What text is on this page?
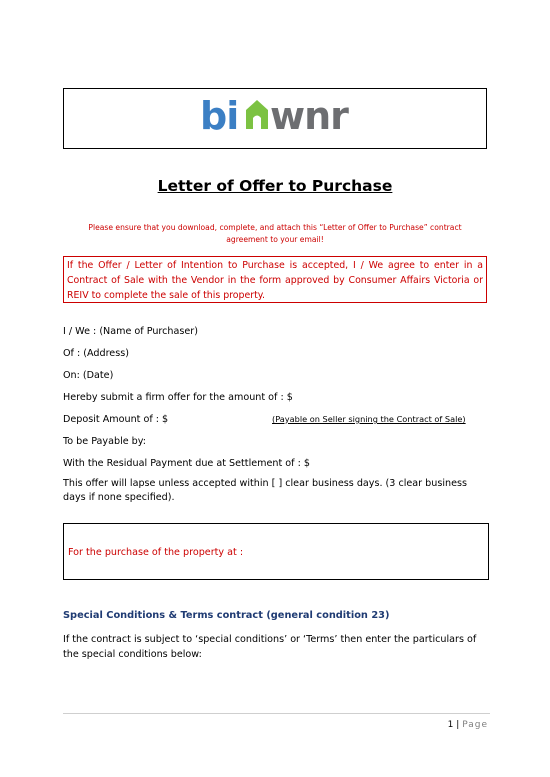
bi wnr
Letter of Offer to Purchase
Please ensure that you download, complete, and attach this “Letter of Offer to Purchase” contract agreement to your email!
If the Offer / Letter of Intention to Purchase is accepted, I / We agree to enter in a Contract of Sale with the Vendor in the form approved by Consumer Affairs Victoria or REIV to complete the sale of this property.
I / We : (Name of Purchaser)
Of : (Address)
On: (Date)
Hereby submit a firm offer for the amount of : $
Deposit Amount of : $	(Payable on Seller signing the Contract of Sale)
To be Payable by:
With the Residual Payment due at Settlement of : $
This offer will lapse unless accepted within [ ] clear business days. (3 clear business days if none specified).
For the purchase of the property at :
Special Conditions & Terms contract (general condition 23)
If the contract is subject to ‘special conditions’ or ‘Terms’ then enter the particulars of the special conditions below:
1 | Page
